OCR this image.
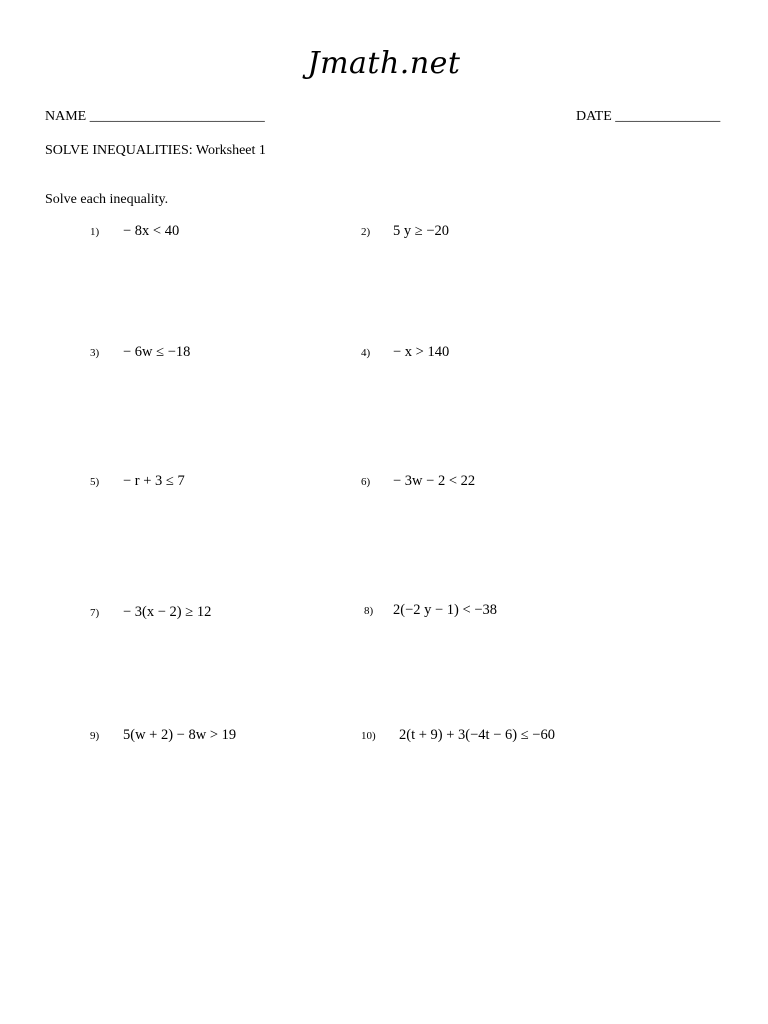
Jmath.net
NAME _________________________	DATE _______________
SOLVE INEQUALITIES: Worksheet 1
Solve each inequality.
1) − 8x < 40	2) 5 y ≥ −20
3) − 6w ≤ −18	4) − x > 140
5) − r + 3 ≤ 7	6) − 3w − 2 < 22
7) − 3(x − 2) ≥ 12	8) 2(−2 y − 1) < −38
9) 5(w + 2) − 8w > 19	10) 2(t + 9) + 3(−4t − 6) ≤ −60
